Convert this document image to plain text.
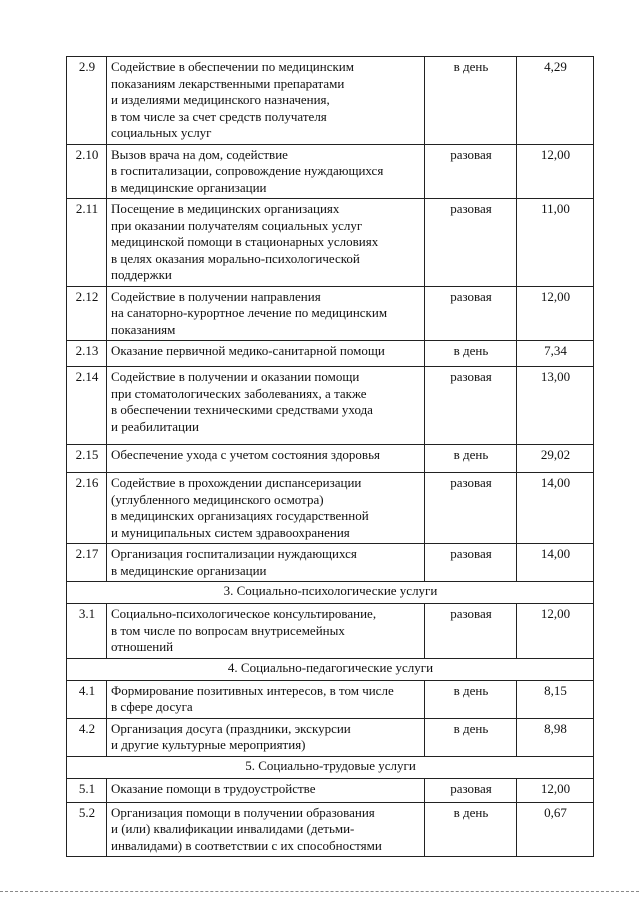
2.9	Содействие в обеспечении по медицинским
показаниям лекарственными препаратами
и изделиями медицинского назначения,
в том числе за счет средств получателя
социальных услуг	в день	4,29
2.10	Вызов врача на дом, содействие
в госпитализации, сопровождение нуждающихся
в медицинские организации	разовая	12,00
2.11	Посещение в медицинских организациях
при оказании получателям социальных услуг
медицинской помощи в стационарных условиях
в целях оказания морально-психологической
поддержки	разовая	11,00
2.12	Содействие в получении направления
на санаторно-курортное лечение по медицинским
показаниям	разовая	12,00
2.13	Оказание первичной медико-санитарной помощи	в день	7,34
2.14	Содействие в получении и оказании помощи
при стоматологических заболеваниях, а также
в обеспечении техническими средствами ухода
и реабилитации	разовая	13,00
2.15	Обеспечение ухода с учетом состояния здоровья	в день	29,02
2.16	Содействие в прохождении диспансеризации
(углубленного медицинского осмотра)
в медицинских организациях государственной
и муниципальных систем здравоохранения	разовая	14,00
2.17	Организация госпитализации нуждающихся
в медицинские организации	разовая	14,00
3. Социально-психологические услуги			
3.1	Социально-психологическое консультирование,
в том числе по вопросам внутрисемейных
отношений	разовая	12,00
4. Социально-педагогические услуги			
4.1	Формирование позитивных интересов, в том числе
в сфере досуга	в день	8,15
4.2	Организация досуга (праздники, экскурсии
и другие культурные мероприятия)	в день	8,98
5. Социально-трудовые услуги			
5.1	Оказание помощи в трудоустройстве	разовая	12,00
5.2	Организация помощи в получении образования
и (или) квалификации инвалидами (детьми-
инвалидами) в соответствии с их способностями	в день	0,67
